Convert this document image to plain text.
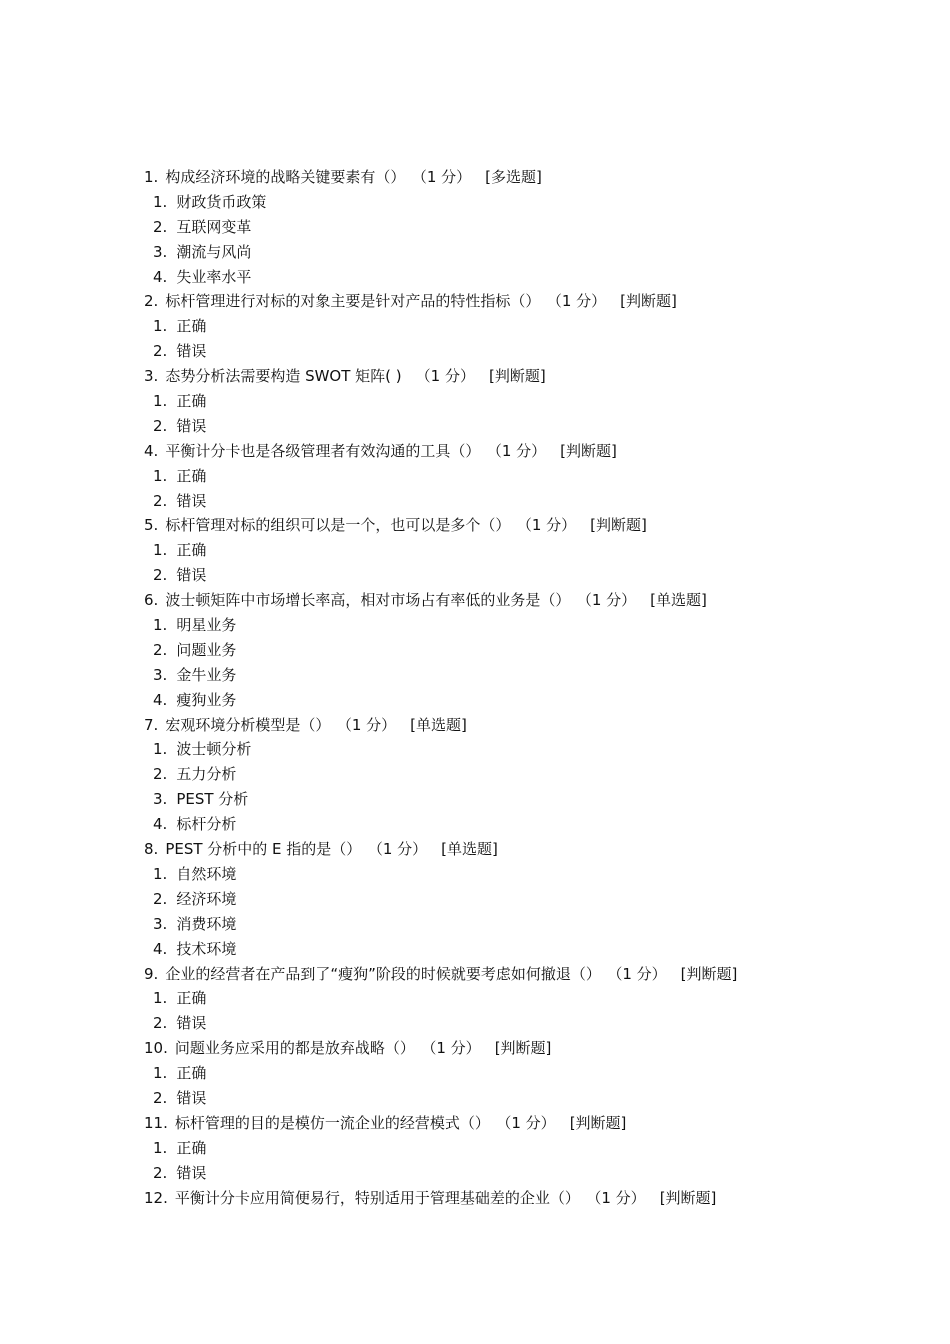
1. 构成经济环境的战略关键要素有（） （1 分） [多选题]
1. 财政货币政策
2. 互联网变革
3. 潮流与风尚
4. 失业率水平
2. 标杆管理进行对标的对象主要是针对产品的特性指标（） （1 分） [判断题]
1. 正确
2. 错误
3. 态势分析法需要构造 SWOT 矩阵( ) （1 分） [判断题]
1. 正确
2. 错误
4. 平衡计分卡也是各级管理者有效沟通的工具（） （1 分） [判断题]
1. 正确
2. 错误
5. 标杆管理对标的组织可以是一个，也可以是多个（） （1 分） [判断题]
1. 正确
2. 错误
6. 波士顿矩阵中市场增长率高，相对市场占有率低的业务是（） （1 分） [单选题]
1. 明星业务
2. 问题业务
3. 金牛业务
4. 瘦狗业务
7. 宏观环境分析模型是（） （1 分） [单选题]
1. 波士顿分析
2. 五力分析
3. PEST 分析
4. 标杆分析
8. PEST 分析中的 E 指的是（） （1 分） [单选题]
1. 自然环境
2. 经济环境
3. 消费环境
4. 技术环境
9. 企业的经营者在产品到了“瘦狗”阶段的时候就要考虑如何撤退（） （1 分） [判断题]
1. 正确
2. 错误
10. 问题业务应采用的都是放弃战略（） （1 分） [判断题]
1. 正确
2. 错误
11. 标杆管理的目的是模仿一流企业的经营模式（） （1 分） [判断题]
1. 正确
2. 错误
12. 平衡计分卡应用简便易行，特别适用于管理基础差的企业（） （1 分） [判断题]
